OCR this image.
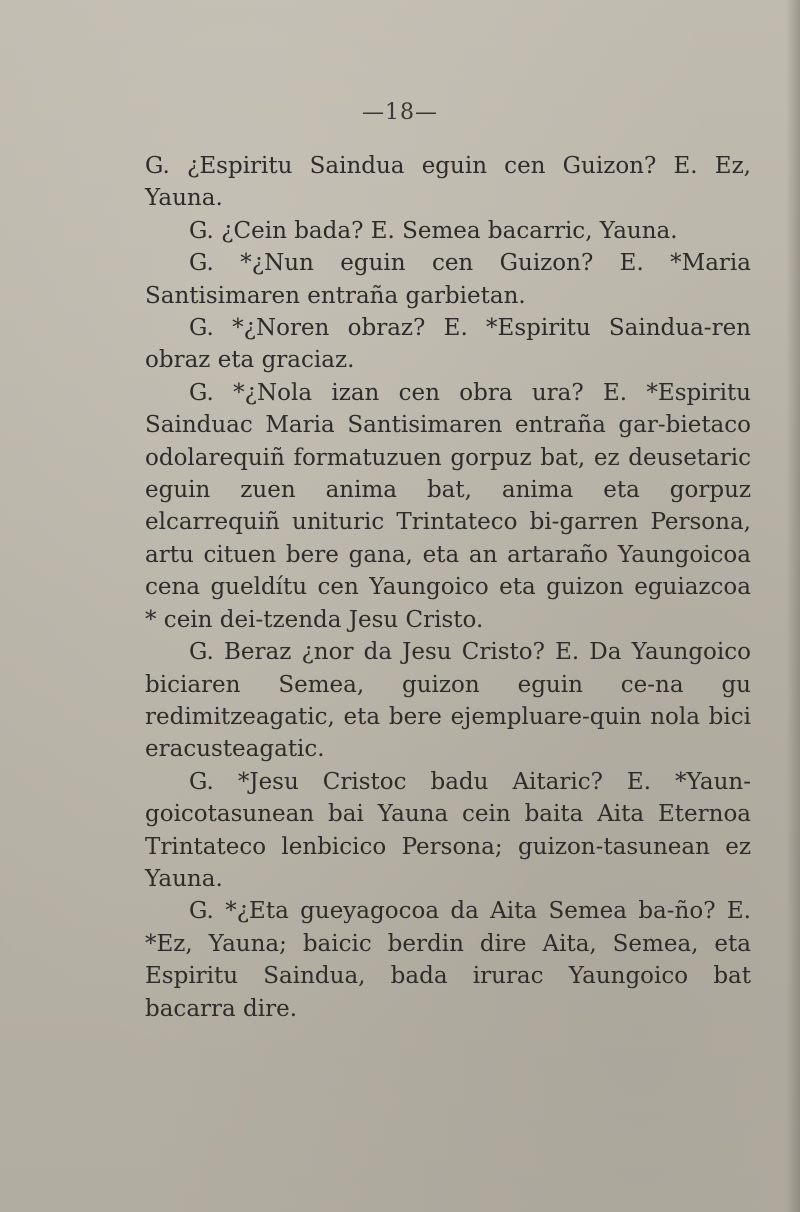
—18—

G. ¿Espiritu Saindua eguin cen Guizon? E. Ez, Yauna.

G. ¿Cein bada? E. Semea bacarric, Yauna.

G. *¿Nun eguin cen Guizon? E. *Maria Santisimaren entraña garbietan.

G. *¿Noren obraz? E. *Espiritu Saindua-ren obraz eta graciaz.

G. *¿Nola izan cen obra ura? E. *Espiritu Sainduac Maria Santisimaren entraña gar-bietaco odolarequiñ formatuzuen gorpuz bat, ez deusetaric eguin zuen anima bat, anima eta gorpuz elcarrequiñ unituric Trintateco bi-garren Persona, artu cituen bere gana, eta an artaraño Yaungoicoa cena gueldítu cen Yaungoico eta guizon eguiazcoa * cein dei-tzenda Jesu Cristo.

G. Beraz ¿nor da Jesu Cristo? E. Da Yaungoico biciaren Semea, guizon eguin ce-na gu redimitzeagatic, eta bere ejempluare-quin nola bici eracusteagatic.

G. *Jesu Cristoc badu Aitaric? E. *Yaun-goicotasunean bai Yauna cein baita Aita Eternoa Trintateco lenbicico Persona; guizon-tasunean ez Yauna.

G. *¿Eta gueyagocoa da Aita Semea ba-ño? E. *Ez, Yauna; baicic berdin dire Aita, Semea, eta Espiritu Saindua, bada irurac Yaungoico bat bacarra dire.
